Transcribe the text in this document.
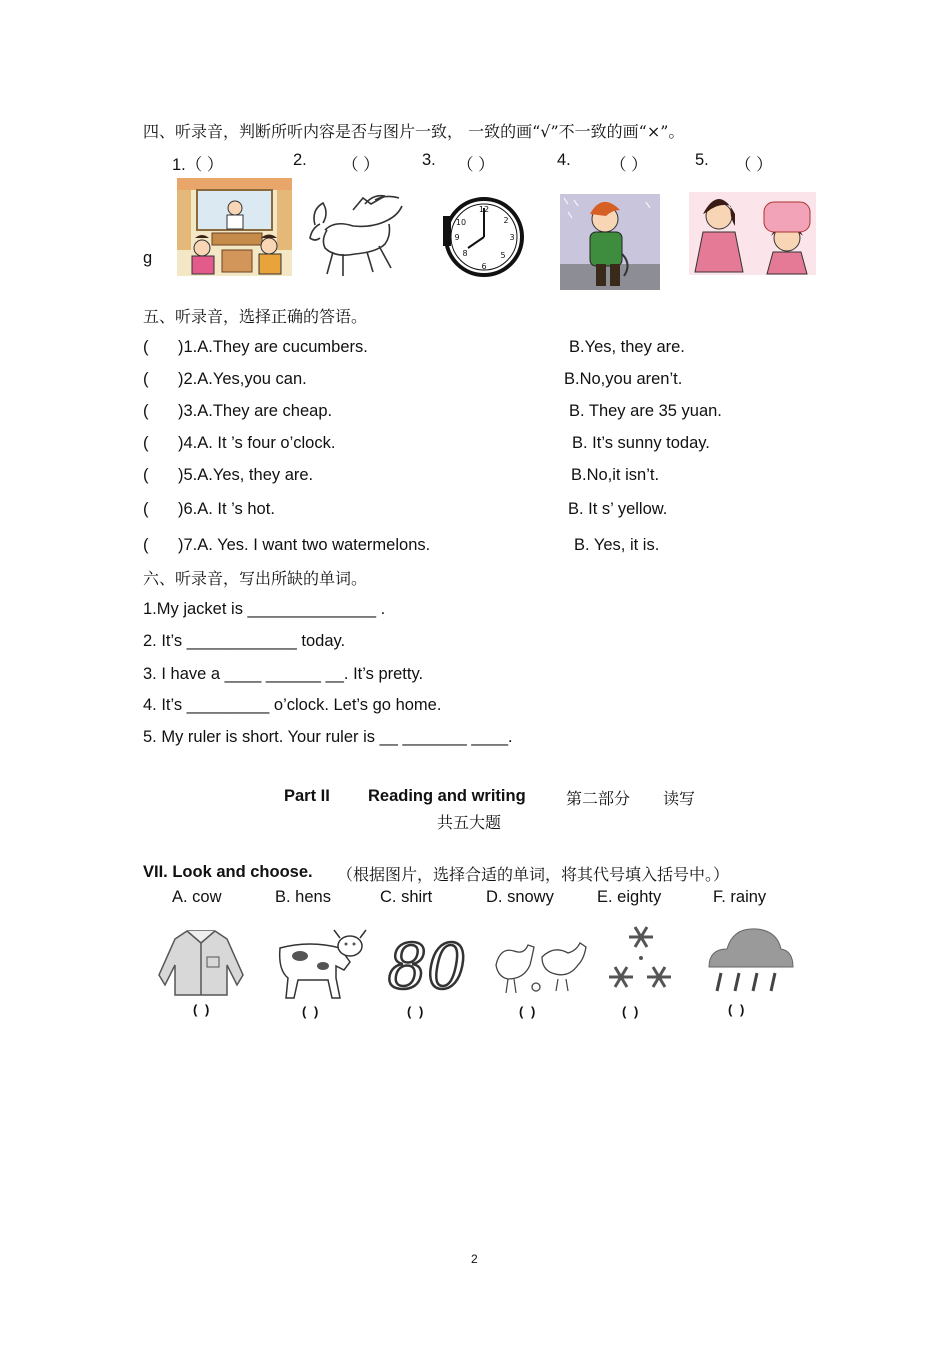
四、听录音，判断所听内容是否与图片一致， 一致的画“√”不一致的画“×”。
1.（ ）	2. （ ）	3. （ ）	4. （ ）	5. （ ）
g
12
3
6
9
10
8	5
2
五、听录音，选择正确的答语。
( )1.A.They are cucumbers.	B.Yes, they are.
( )2.A.Yes,you can.	B.No,you aren’t.
( )3.A.They are cheap.	B. They are 35 yuan.
( )4.A. It ’s four o’clock.	B. It’s sunny today.
( )5.A.Yes, they are.	B.No,it isn’t.
( )6.A. It ’s hot.	B. It s’ yellow.
( )7.A. Yes. I want two watermelons.	B. Yes, it is.
六、听录音，写出所缺的单词。
1.My jacket is ______________ .
2. It’s ____________ today.
3. I have a ____ ______ __. It’s pretty.
4. It’s _________ o’clock. Let’s go home.
5. My ruler is short. Your ruler is __ _______ ____.
Part II Reading and writing	第二部分 读写
共五大题
VII. Look and choose. （根据图片，选择合适的单词，将其代号填入括号中。）
A. cow	B. hens	C. shirt	D. snowy	E. eighty	F. rainy
80
( )	( )	( )	( )	( )	( )
2
